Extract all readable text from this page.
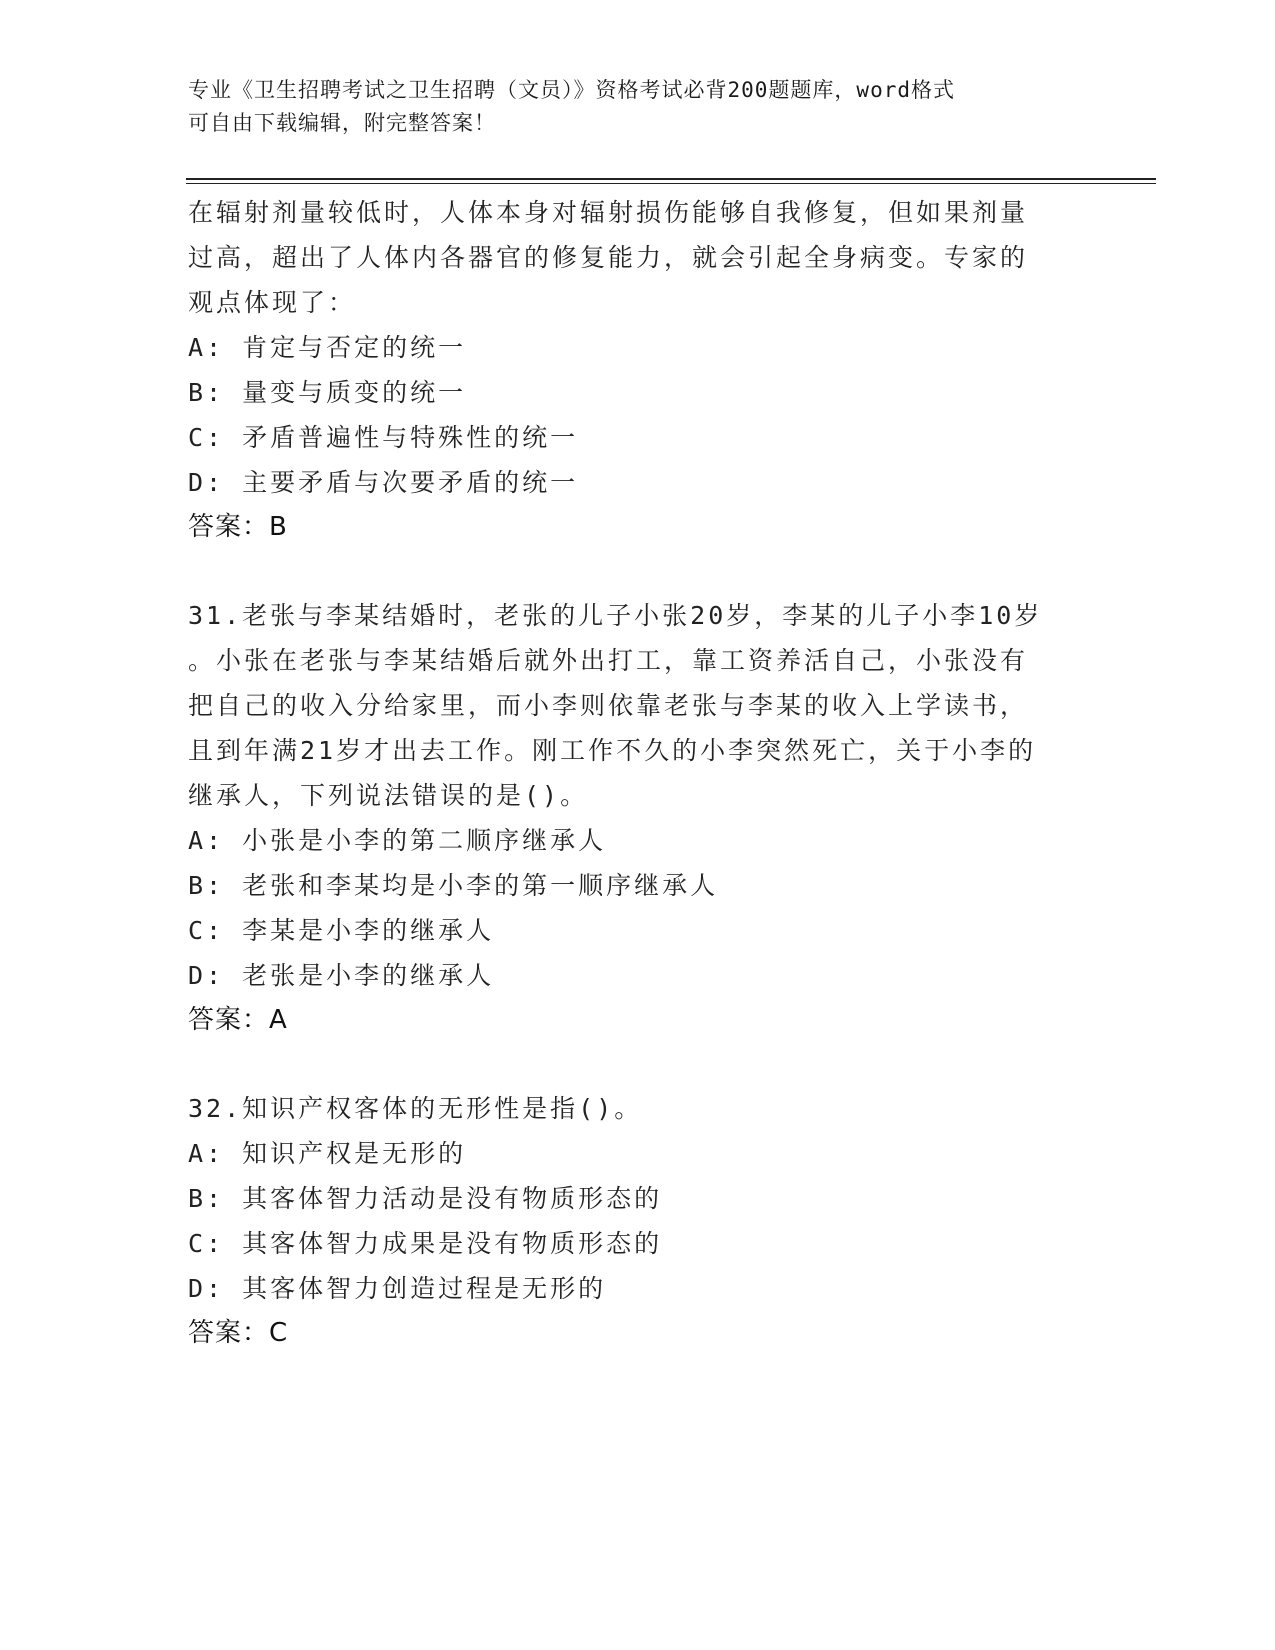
专业《卫生招聘考试之卫生招聘（文员）》资格考试必背200题题库，word格式
可自由下载编辑，附完整答案！
在辐射剂量较低时，人体本身对辐射损伤能够自我修复，但如果剂量
过高，超出了人体内各器官的修复能力，就会引起全身病变。专家的
观点体现了：
A: 肯定与否定的统一
B: 量变与质变的统一
C: 矛盾普遍性与特殊性的统一
D: 主要矛盾与次要矛盾的统一
答案：B
31.老张与李某结婚时，老张的儿子小张20岁，李某的儿子小李10岁
。小张在老张与李某结婚后就外出打工，靠工资养活自己，小张没有
把自己的收入分给家里，而小李则依靠老张与李某的收入上学读书，
且到年满21岁才出去工作。刚工作不久的小李突然死亡，关于小李的
继承人，下列说法错误的是()。
A: 小张是小李的第二顺序继承人
B: 老张和李某均是小李的第一顺序继承人
C: 李某是小李的继承人
D: 老张是小李的继承人
答案：A
32.知识产权客体的无形性是指()。
A: 知识产权是无形的
B: 其客体智力活动是没有物质形态的
C: 其客体智力成果是没有物质形态的
D: 其客体智力创造过程是无形的
答案：C
